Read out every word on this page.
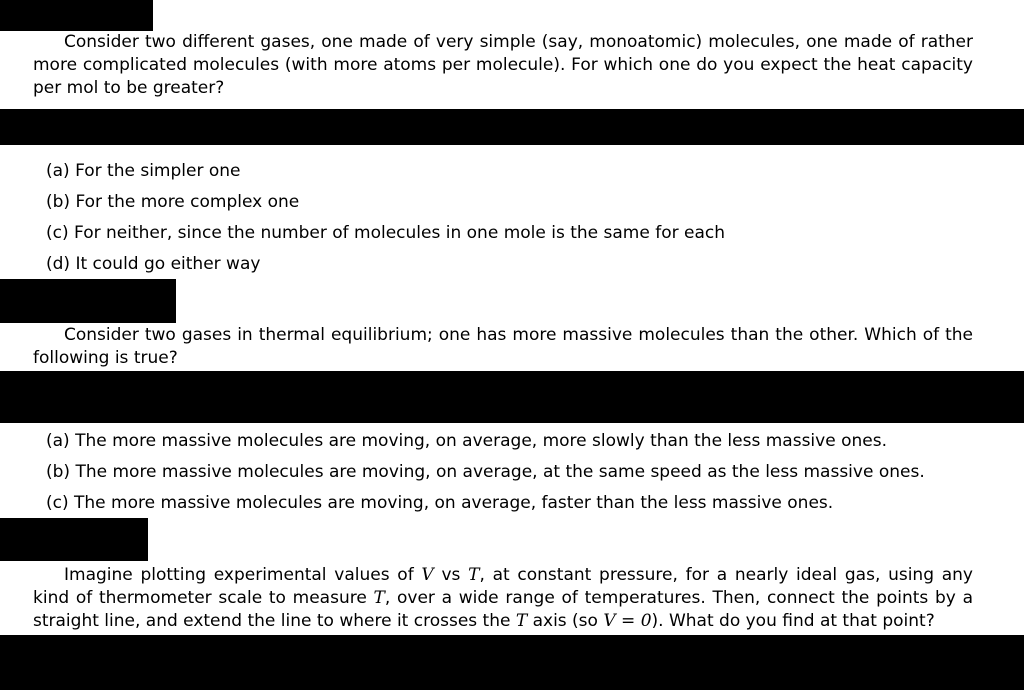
Consider two different gases, one made of very simple (say, monoatomic) molecules, one made of rather more complicated molecules (with more atoms per molecule). For which one do you expect the heat capacity per mol to be greater?

(a) For the simpler one

(b) For the more complex one

(c) For neither, since the number of molecules in one mole is the same for each

(d) It could go either way

Consider two gases in thermal equilibrium; one has more massive molecules than the other. Which of the following is true?

(a) The more massive molecules are moving, on average, more slowly than the less massive ones.

(b) The more massive molecules are moving, on average, at the same speed as the less massive ones.

(c) The more massive molecules are moving, on average, faster than the less massive ones.

Imagine plotting experimental values of V vs T, at constant pressure, for a nearly ideal gas, using any kind of thermometer scale to measure T, over a wide range of temperatures. Then, connect the points by a straight line, and extend the line to where it crosses the T axis (so V = 0). What do you find at that point?
